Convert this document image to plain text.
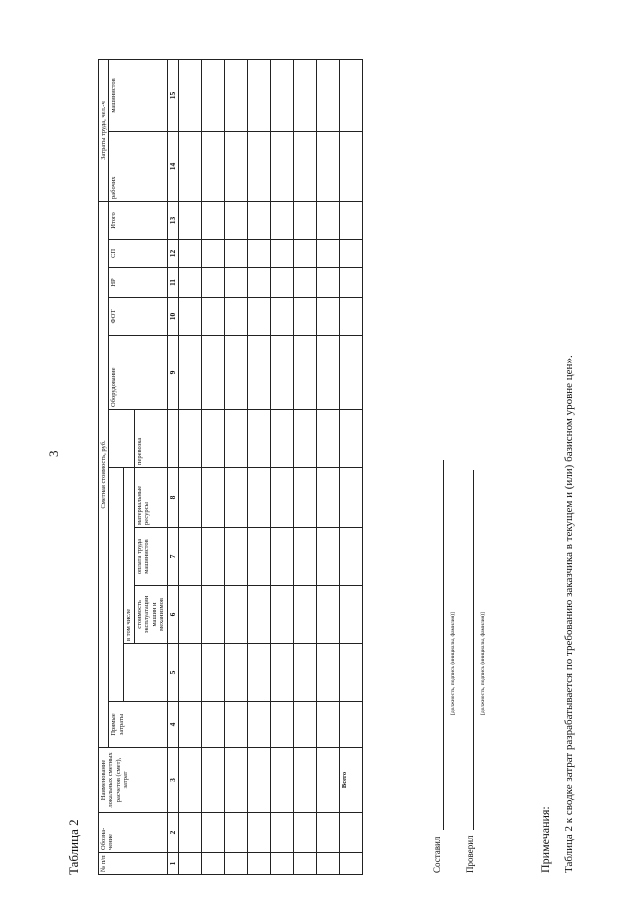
3
Таблица 2	№ п/п	Обозна-чение	Наименование локальных сметных расчетов (смет), затрат	Сметная стоимость, руб.											Затраты труда, чел.-ч	
			Прямые затраты						Оборудование	ФОТ	НР	СП	Итого	рабочих	машинистов
					в том числе										
					стоимость эксплуатации машин и механизмов	оплата труда машинистов	материальные ресурсы	перевозка							
1	2	3	4	5	6	7	8		9	10	11	12	13	14	15

		Всего													
Составил
[должность, подпись (инициалы, фамилия)]
Проверил
[должность, подпись (инициалы, фамилия)]
Примечания: Таблица 2 к сводке затрат разрабатывается по требованию заказчика в текущем и (или) базисном уровне цен».
